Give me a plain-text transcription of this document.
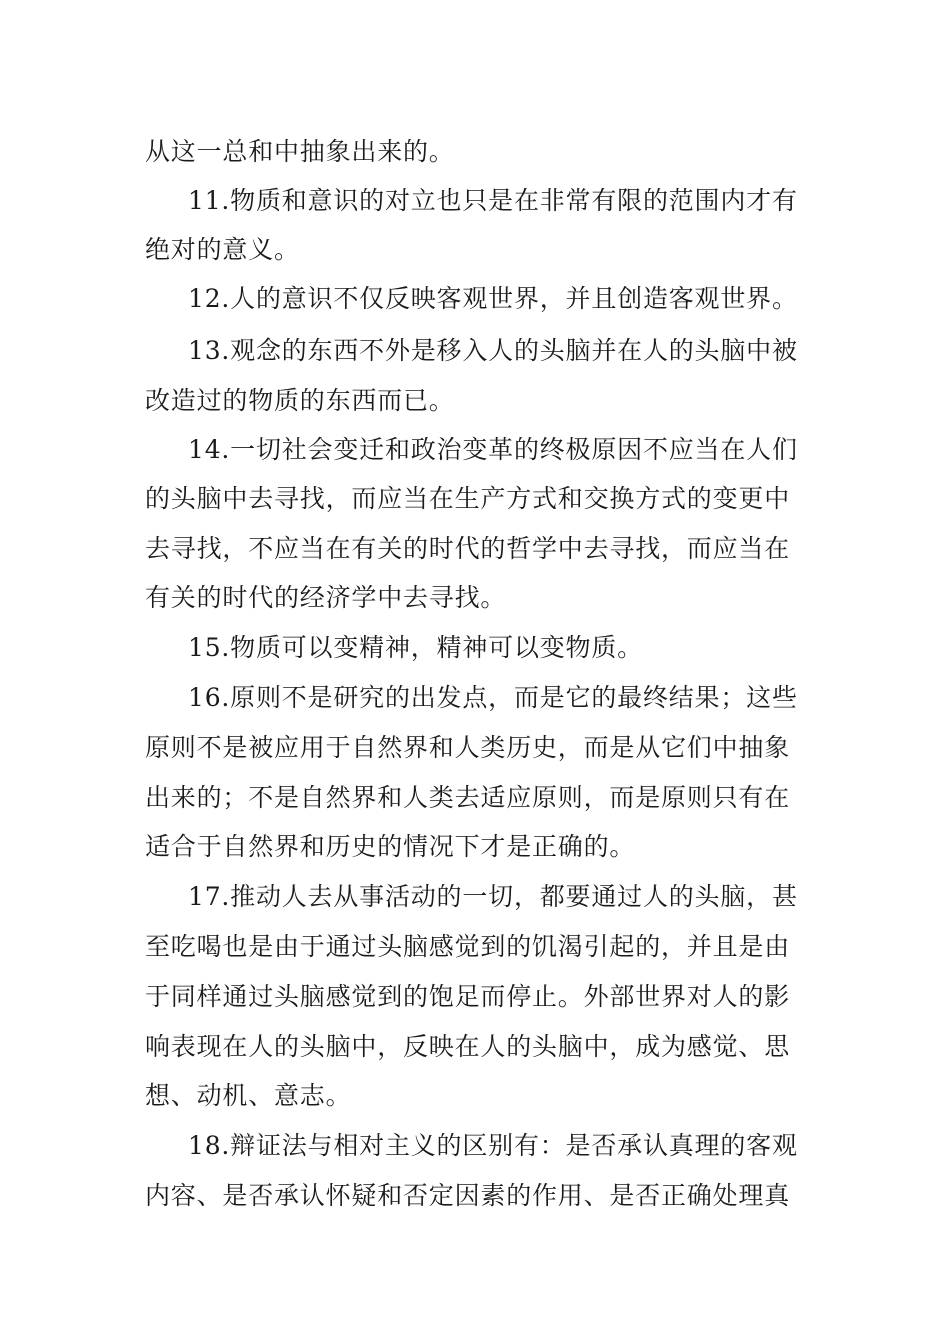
从这一总和中抽象出来的。
11.物质和意识的对立也只是在非常有限的范围内才有
绝对的意义。
12.人的意识不仅反映客观世界，并且创造客观世界。
13.观念的东西不外是移入人的头脑并在人的头脑中被
改造过的物质的东西而已。
14.一切社会变迁和政治变革的终极原因不应当在人们
的头脑中去寻找，而应当在生产方式和交换方式的变更中
去寻找，不应当在有关的时代的哲学中去寻找，而应当在
有关的时代的经济学中去寻找。
15.物质可以变精神，精神可以变物质。
16.原则不是研究的出发点，而是它的最终结果；这些
原则不是被应用于自然界和人类历史，而是从它们中抽象
出来的；不是自然界和人类去适应原则，而是原则只有在
适合于自然界和历史的情况下才是正确的。
17.推动人去从事活动的一切，都要通过人的头脑，甚
至吃喝也是由于通过头脑感觉到的饥渴引起的，并且是由
于同样通过头脑感觉到的饱足而停止。外部世界对人的影
响表现在人的头脑中，反映在人的头脑中，成为感觉、思
想、动机、意志。
18.辩证法与相对主义的区别有：是否承认真理的客观
内容、是否承认怀疑和否定因素的作用、是否正确处理真
